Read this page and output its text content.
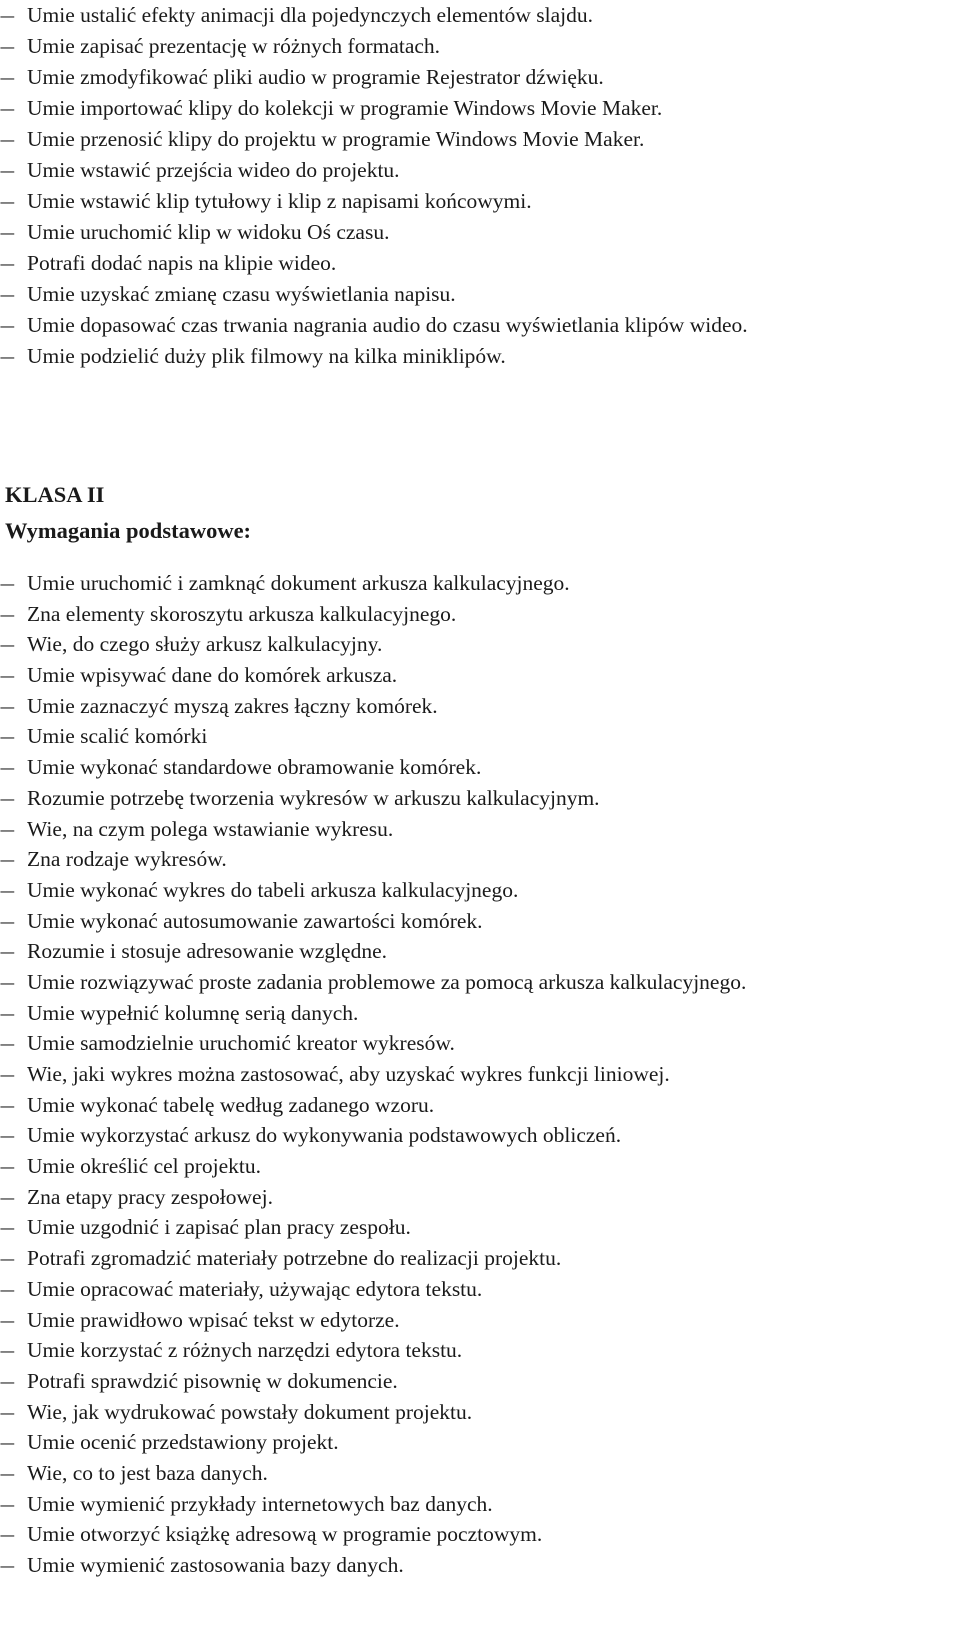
– Umie ustalić efekty animacji dla pojedynczych elementów slajdu.
– Umie zapisać prezentację w różnych formatach.
– Umie zmodyfikować pliki audio w programie Rejestrator dźwięku.
– Umie importować klipy do kolekcji w programie Windows Movie Maker.
– Umie przenosić klipy do projektu w programie Windows Movie Maker.
– Umie wstawić przejścia wideo do projektu.
– Umie wstawić klip tytułowy i klip z napisami końcowymi.
– Umie uruchomić klip w widoku Oś czasu.
– Potrafi dodać napis na klipie wideo.
– Umie uzyskać zmianę czasu wyświetlania napisu.
– Umie dopasować czas trwania nagrania audio do czasu wyświetlania klipów wideo.
– Umie podzielić duży plik filmowy na kilka miniklipów.
KLASA II
Wymagania podstawowe:
– Umie uruchomić i zamknąć dokument arkusza kalkulacyjnego.
– Zna elementy skoroszytu arkusza kalkulacyjnego.
– Wie, do czego służy arkusz kalkulacyjny.
– Umie wpisywać dane do komórek arkusza.
– Umie zaznaczyć myszą zakres łączny komórek.
– Umie scalić komórki
– Umie wykonać standardowe obramowanie komórek.
– Rozumie potrzebę tworzenia wykresów w arkuszu kalkulacyjnym.
– Wie, na czym polega wstawianie wykresu.
– Zna rodzaje wykresów.
– Umie wykonać wykres do tabeli arkusza kalkulacyjnego.
– Umie wykonać autosumowanie zawartości komórek.
– Rozumie i stosuje adresowanie względne.
– Umie rozwiązywać proste zadania problemowe za pomocą arkusza kalkulacyjnego.
– Umie wypełnić kolumnę serią danych.
– Umie samodzielnie uruchomić kreator wykresów.
– Wie, jaki wykres można zastosować, aby uzyskać wykres funkcji liniowej.
– Umie wykonać tabelę według zadanego wzoru.
– Umie wykorzystać arkusz do wykonywania podstawowych obliczeń.
– Umie określić cel projektu.
– Zna etapy pracy zespołowej.
– Umie uzgodnić i zapisać plan pracy zespołu.
– Potrafi zgromadzić materiały potrzebne do realizacji projektu.
– Umie opracować materiały, używając edytora tekstu.
– Umie prawidłowo wpisać tekst w edytorze.
– Umie korzystać z różnych narzędzi edytora tekstu.
– Potrafi sprawdzić pisownię w dokumencie.
– Wie, jak wydrukować powstały dokument projektu.
– Umie ocenić przedstawiony projekt.
– Wie, co to jest baza danych.
– Umie wymienić przykłady internetowych baz danych.
– Umie otworzyć książkę adresową w programie pocztowym.
– Umie wymienić zastosowania bazy danych.
